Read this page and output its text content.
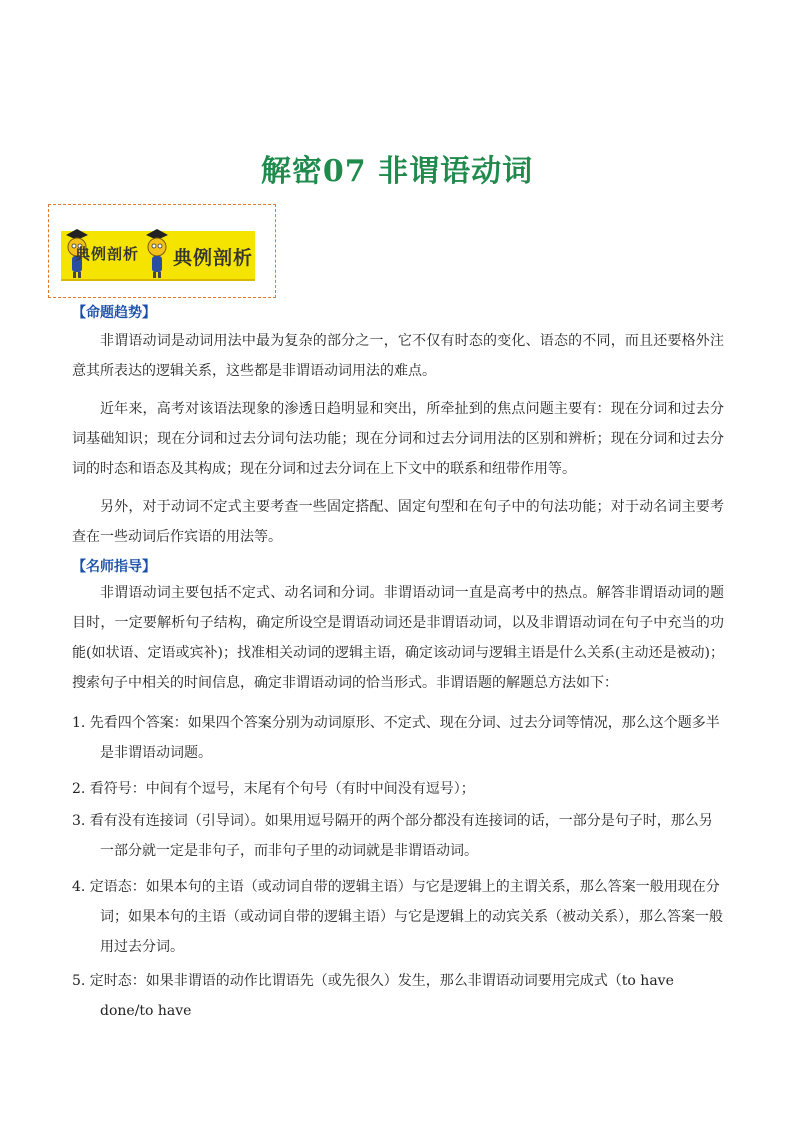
解密07 非谓语动词
典例剖析 典例剖析
【命题趋势】
非谓语动词是动词用法中最为复杂的部分之一，它不仅有时态的变化、语态的不同，而且还要格外注意其所表达的逻辑关系，这些都是非谓语动词用法的难点。
近年来，高考对该语法现象的渗透日趋明显和突出，所牵扯到的焦点问题主要有：现在分词和过去分词基础知识；现在分词和过去分词句法功能；现在分词和过去分词用法的区别和辨析；现在分词和过去分词的时态和语态及其构成；现在分词和过去分词在上下文中的联系和纽带作用等。
另外，对于动词不定式主要考查一些固定搭配、固定句型和在句子中的句法功能；对于动名词主要考查在一些动词后作宾语的用法等。
【名师指导】
非谓语动词主要包括不定式、动名词和分词。非谓语动词一直是高考中的热点。解答非谓语动词的题目时，一定要解析句子结构，确定所设空是谓语动词还是非谓语动词，以及非谓语动词在句子中充当的功能(如状语、定语或宾补)；找准相关动词的逻辑主语，确定该动词与逻辑主语是什么关系(主动还是被动)；搜索句子中相关的时间信息，确定非谓语动词的恰当形式。非谓语题的解题总方法如下：
1. 先看四个答案：如果四个答案分别为动词原形、不定式、现在分词、过去分词等情况，那么这个题多半是非谓语动词题。
2. 看符号：中间有个逗号，末尾有个句号（有时中间没有逗号）；
3. 看有没有连接词（引导词）。如果用逗号隔开的两个部分都没有连接词的话，一部分是句子时，那么另一部分就一定是非句子，而非句子里的动词就是非谓语动词。
4. 定语态：如果本句的主语（或动词自带的逻辑主语）与它是逻辑上的主谓关系，那么答案一般用现在分词；如果本句的主语（或动词自带的逻辑主语）与它是逻辑上的动宾关系（被动关系），那么答案一般用过去分词。
5. 定时态：如果非谓语的动作比谓语先（或先很久）发生，那么非谓语动词要用完成式（to have done/to have
